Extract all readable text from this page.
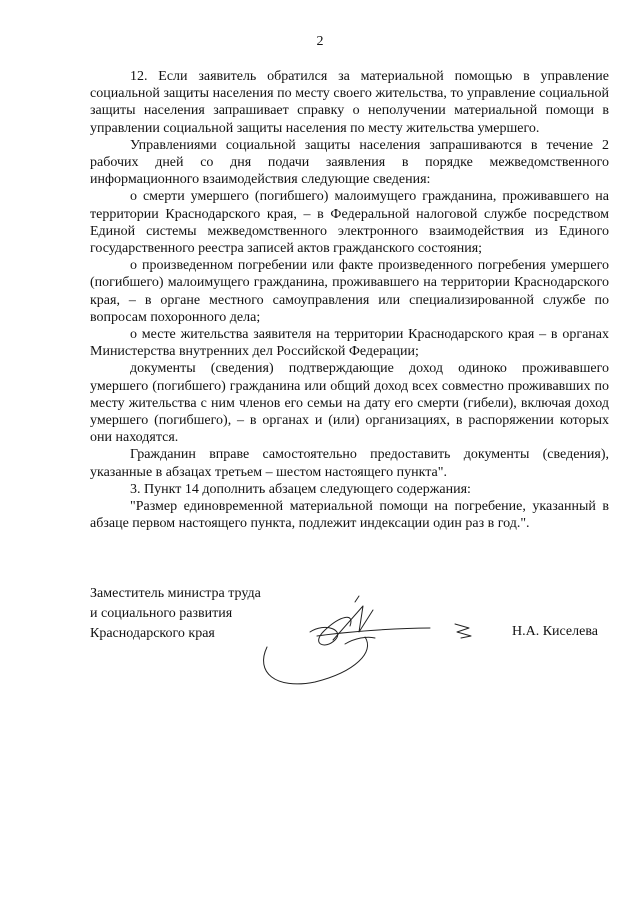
2

12. Если заявитель обратился за материальной помощью в управление социальной защиты населения по месту своего жительства, то управление социальной защиты населения запрашивает справку о неполучении материальной помощи в управлении социальной защиты населения по месту жительства умершего.

Управлениями социальной защиты населения запрашиваются в течение 2 рабочих дней со дня подачи заявления в порядке межведомственного информационного взаимодействия следующие сведения:

о смерти умершего (погибшего) малоимущего гражданина, проживавшего на территории Краснодарского края, – в Федеральной налоговой службе посредством Единой системы межведомственного электронного взаимодействия из Единого государственного реестра записей актов гражданского состояния;

о произведенном погребении или факте произведенного погребения умершего (погибшего) малоимущего гражданина, проживавшего на территории Краснодарского края, – в органе местного самоуправления или специализированной службе по вопросам похоронного дела;

о месте жительства заявителя на территории Краснодарского края – в органах Министерства внутренних дел Российской Федерации;

документы (сведения) подтверждающие доход одиноко проживавшего умершего (погибшего) гражданина или общий доход всех совместно проживавших по месту жительства с ним членов его семьи на дату его смерти (гибели), включая доход умершего (погибшего), – в органах и (или) организациях, в распоряжении которых они находятся.

Гражданин вправе самостоятельно предоставить документы (сведения), указанные в абзацах третьем – шестом настоящего пункта".

3. Пункт 14 дополнить абзацем следующего содержания:

"Размер единовременной материальной помощи на погребение, указанный в абзаце первом настоящего пункта, подлежит индексации один раз в год.".

Заместитель министра труда
и социального развития
Краснодарского края	Н.А. Киселева
